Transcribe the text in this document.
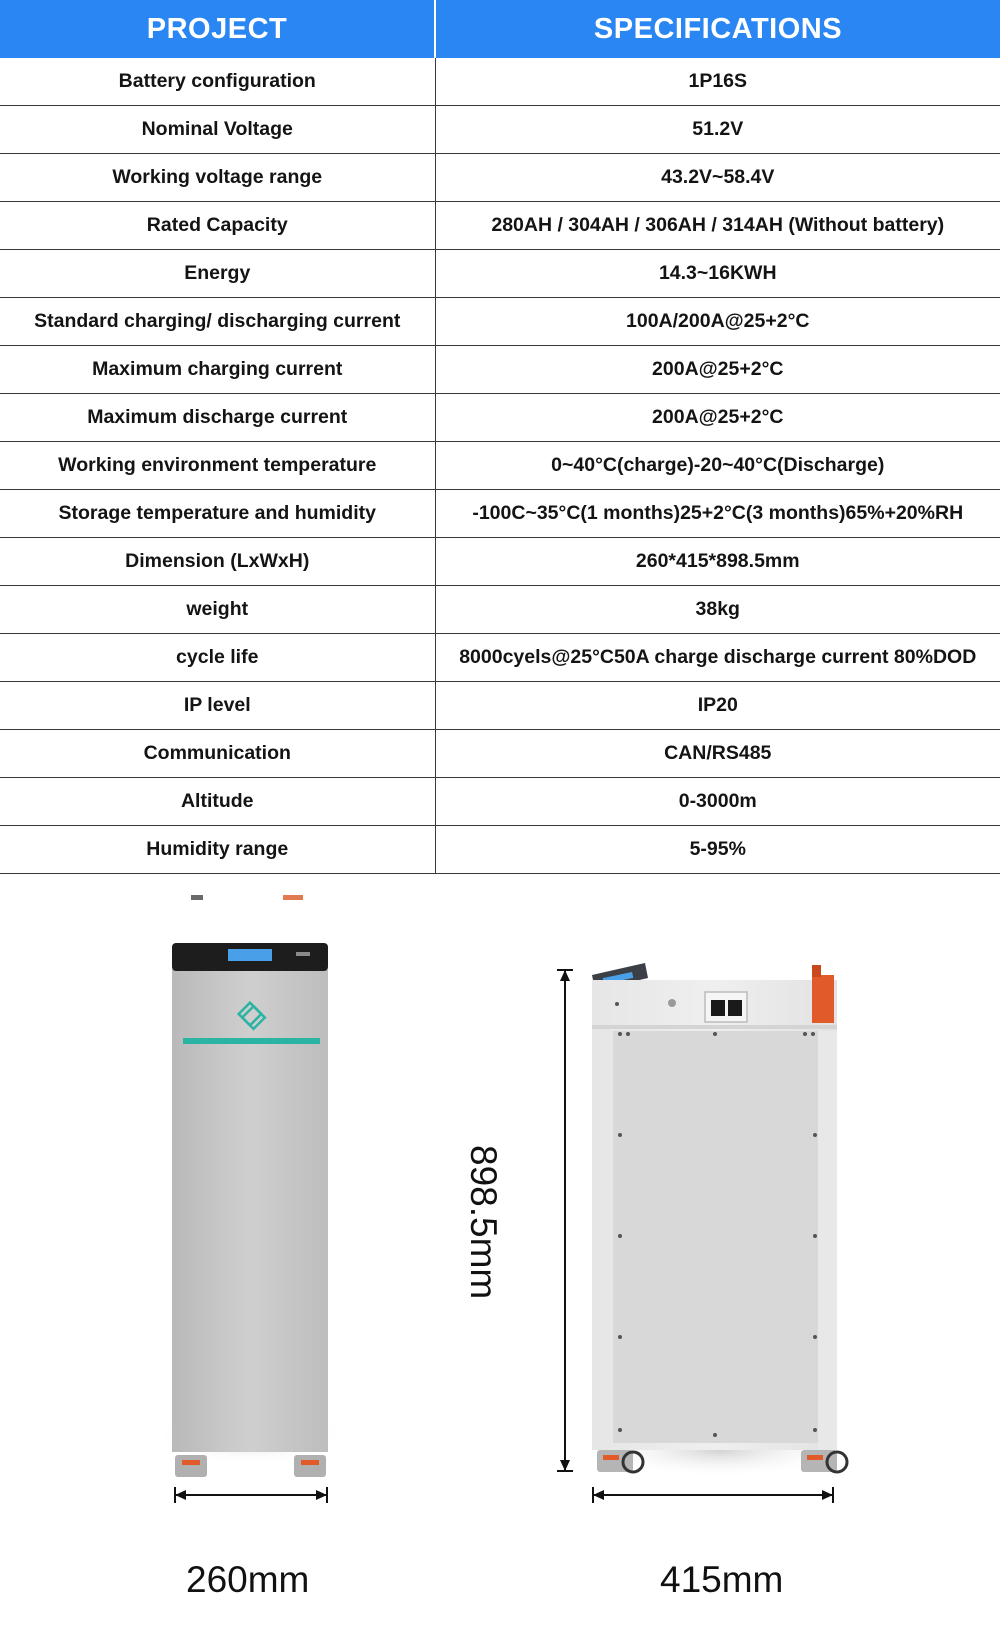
PROJECT	SPECIFICATIONS
Battery configuration	1P16S
Nominal Voltage	51.2V
Working voltage range	43.2V~58.4V
Rated Capacity	280AH / 304AH / 306AH / 314AH (Without battery)
Energy	14.3~16KWH
Standard charging/ discharging current	100A/200A@25+2°C
Maximum charging current	200A@25+2°C
Maximum discharge current	200A@25+2°C
Working environment temperature	0~40°C(charge)-20~40°C(Discharge)
Storage temperature and humidity	-100C~35°C(1 months)25+2°C(3 months)65%+20%RH
Dimension (LxWxH)	260*415*898.5mm
weight	38kg
cycle life	8000cyels@25°C50A charge discharge current 80%DOD
IP level	IP20
Communication	CAN/RS485
Altitude	0-3000m
Humidity range	5-95%
260mm	415mm
898.5mm
